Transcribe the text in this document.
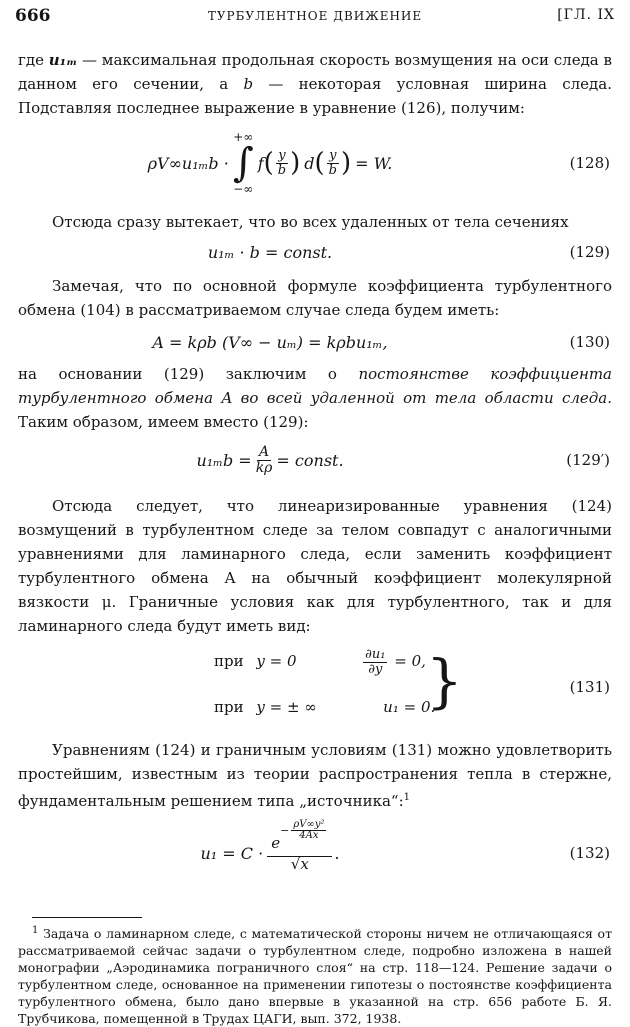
666	ТУРБУЛЕНТНОЕ ДВИЖЕНИЕ	[ГЛ. IX

где u₁ₘ — максимальная продольная скорость возмущения на оси следа в данном его сечении, а b — некоторая условная ширина следа. Подставляя последнее выражение в уравнение (126), получим:

ρV∞u₁ₘb ·
+∞
∫
−∞
f ( $\frac{y}{b}$ ) d ( $\frac{y}{b}$ ) = W.	(128)

Отсюда сразу вытекает, что во всех удаленных от тела сечениях

u₁ₘ · b = const.	(129)

Замечая, что по основной формуле коэффициента турбулентного обмена (104) в рассматриваемом случае следа будем иметь:

A = kρb (V∞ − uₘ) = kρbu₁ₘ,	(130)

на основании (129) заключим о постоянстве коэффициента турбулентного обмена A во всей удаленной от тела области следа. Таким образом, имеем вместо (129):

$u_{1m}b = \frac{A}{k\rho}$ = const.	(129′)

Отсюда следует, что линеаризированные уравнения (124) возмущений в турбулентном следе за телом совпадут с аналогичными уравнениями для ламинарного следа, если заменить коэффициент турбулентного обмена A на обычный коэффициент молекулярной вязкости μ. Граничные условия как для турбулентного, так и для ламинарного следа будут иметь вид:

при y = 0	$\frac{\text{∂u₁}}{\partial y} = 0$,
при y = ± ∞	u₁ = 0.
}	(131)

Уравнениям (124) и граничным условиям (131) можно удовлетворить простейшим, известным из теории распространения тепла в стержне, фундаментальным решением типа „источника“:$^1$

u₁ = C · e
− $\frac{\text{ρV∞y²}}{4Ax}$
√x .	(132)

$^1$ Задача о ламинарном следе, с математической стороны ничем не отличающаяся от рассматриваемой сейчас задачи о турбулентном следе, подробно изложена в нашей монографии „Аэродинамика пограничного слоя“ на стр. 118—124. Решение задачи о турбулентном следе, основанное на применении гипотезы о постоянстве коэффициента турбулентного обмена, было дано впервые в указанной на стр. 656 работе Б. Я. Трубчикова, помещенной в Трудах ЦАГИ, вып. 372, 1938.
